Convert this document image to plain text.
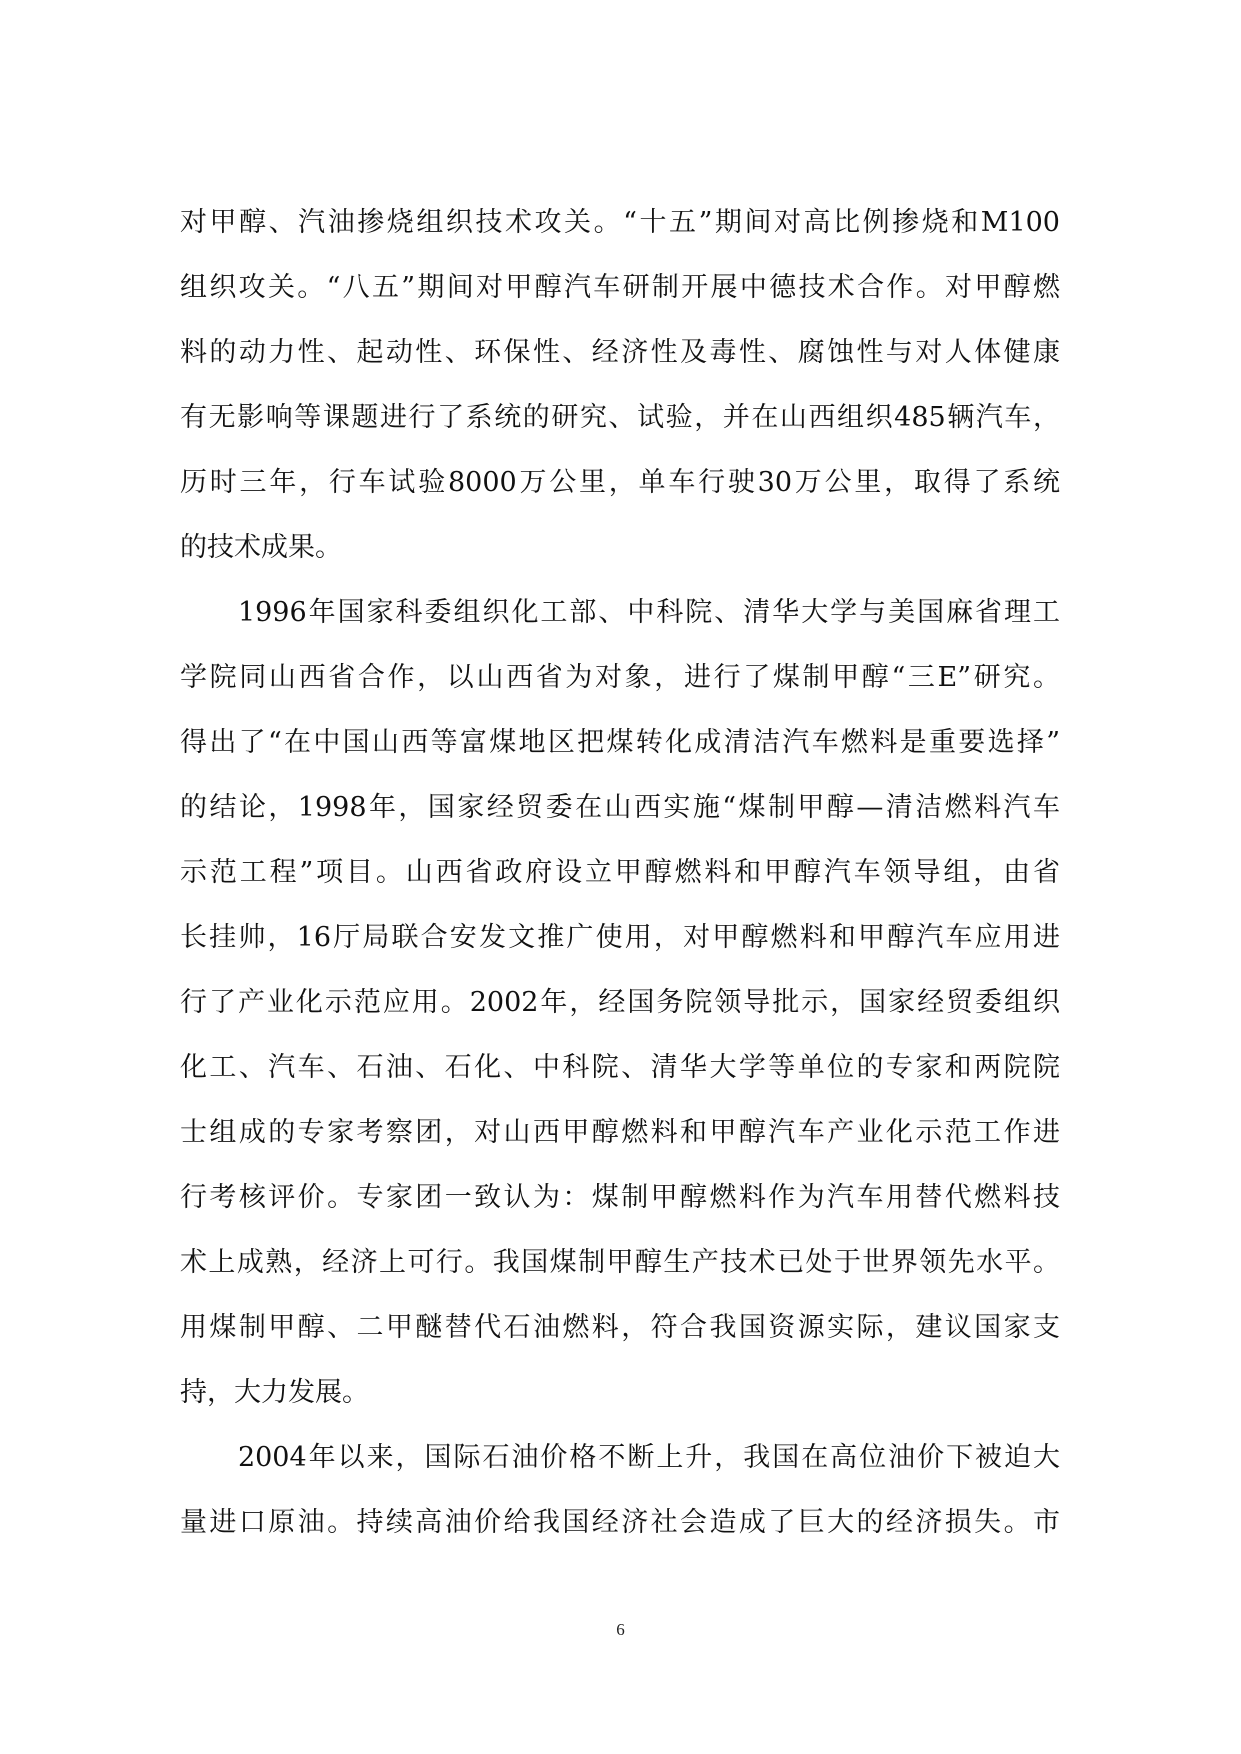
对甲醇、汽油掺烧组织技术攻关。“十五”期间对高比例掺烧和M100
组织攻关。“八五”期间对甲醇汽车研制开展中德技术合作。对甲醇燃
料的动力性、起动性、环保性、经济性及毒性、腐蚀性与对人体健康
有无影响等课题进行了系统的研究、试验，并在山西组织485辆汽车，
历时三年，行车试验8000万公里，单车行驶30万公里，取得了系统
的技术成果。
　　1996年国家科委组织化工部、中科院、清华大学与美国麻省理工
学院同山西省合作，以山西省为对象，进行了煤制甲醇“三E”研究。
得出了“在中国山西等富煤地区把煤转化成清洁汽车燃料是重要选择”
的结论，1998年，国家经贸委在山西实施“煤制甲醇—清洁燃料汽车
示范工程”项目。山西省政府设立甲醇燃料和甲醇汽车领导组，由省
长挂帅，16厅局联合安发文推广使用，对甲醇燃料和甲醇汽车应用进
行了产业化示范应用。2002年，经国务院领导批示，国家经贸委组织
化工、汽车、石油、石化、中科院、清华大学等单位的专家和两院院
士组成的专家考察团，对山西甲醇燃料和甲醇汽车产业化示范工作进
行考核评价。专家团一致认为：煤制甲醇燃料作为汽车用替代燃料技
术上成熟，经济上可行。我国煤制甲醇生产技术已处于世界领先水平。
用煤制甲醇、二甲醚替代石油燃料，符合我国资源实际，建议国家支
持，大力发展。
　　2004年以来，国际石油价格不断上升，我国在高位油价下被迫大
量进口原油。持续高油价给我国经济社会造成了巨大的经济损失。市
6
